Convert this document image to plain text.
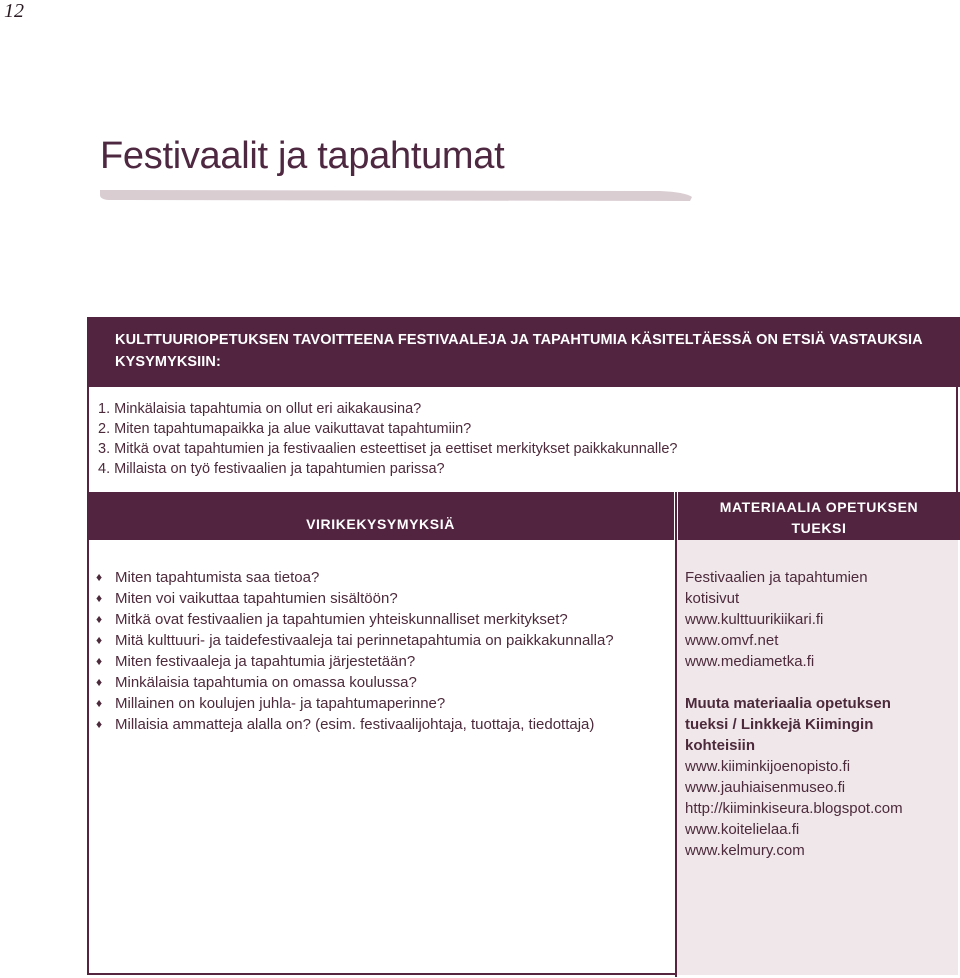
12
Festivaalit ja tapahtumat
KULTTUURIOPETUKSEN TAVOITTEENA FESTIVAALEJA JA TAPAHTUMIA KÄSITELTÄESSÄ ON ETSIÄ VASTAUKSIA KYSYMYKSIIN:
1. Minkälaisia tapahtumia on ollut eri aikakausina?
2. Miten tapahtumapaikka ja alue vaikuttavat tapahtumiin?
3. Mitkä ovat tapahtumien ja festivaalien esteettiset ja eettiset merkitykset paikkakunnalle?
4. Millaista on työ festivaalien ja tapahtumien parissa?
VIRIKEKYSYMYKSIÄ
MATERIAALIA OPETUKSEN
TUEKSI
♦ Miten tapahtumista saa tietoa?
♦ Miten voi vaikuttaa tapahtumien sisältöön?
♦ Mitkä ovat festivaalien ja tapahtumien yhteiskunnalliset merkitykset?
♦ Mitä kulttuuri- ja taidefestivaaleja tai perinnetapahtumia on paikkakunnalla?
♦ Miten festivaaleja ja tapahtumia järjestetään?
♦ Minkälaisia tapahtumia on omassa koulussa?
♦ Millainen on koulujen juhla- ja tapahtumaperinne?
♦ Millaisia ammatteja alalla on? (esim. festivaalijohtaja, tuottaja, tiedottaja)
Festivaalien ja tapahtumien
kotisivut
www.kulttuurikiikari.fi
www.omvf.net
www.mediametka.fi
Muuta materiaalia opetuksen
tueksi / Linkkejä Kiimingin
kohteisiin
www.kiiminkijoenopisto.fi
www.jauhiaisenmuseo.fi
http://kiiminkiseura.blogspot.com
www.koitelielaa.fi
www.kelmury.com
